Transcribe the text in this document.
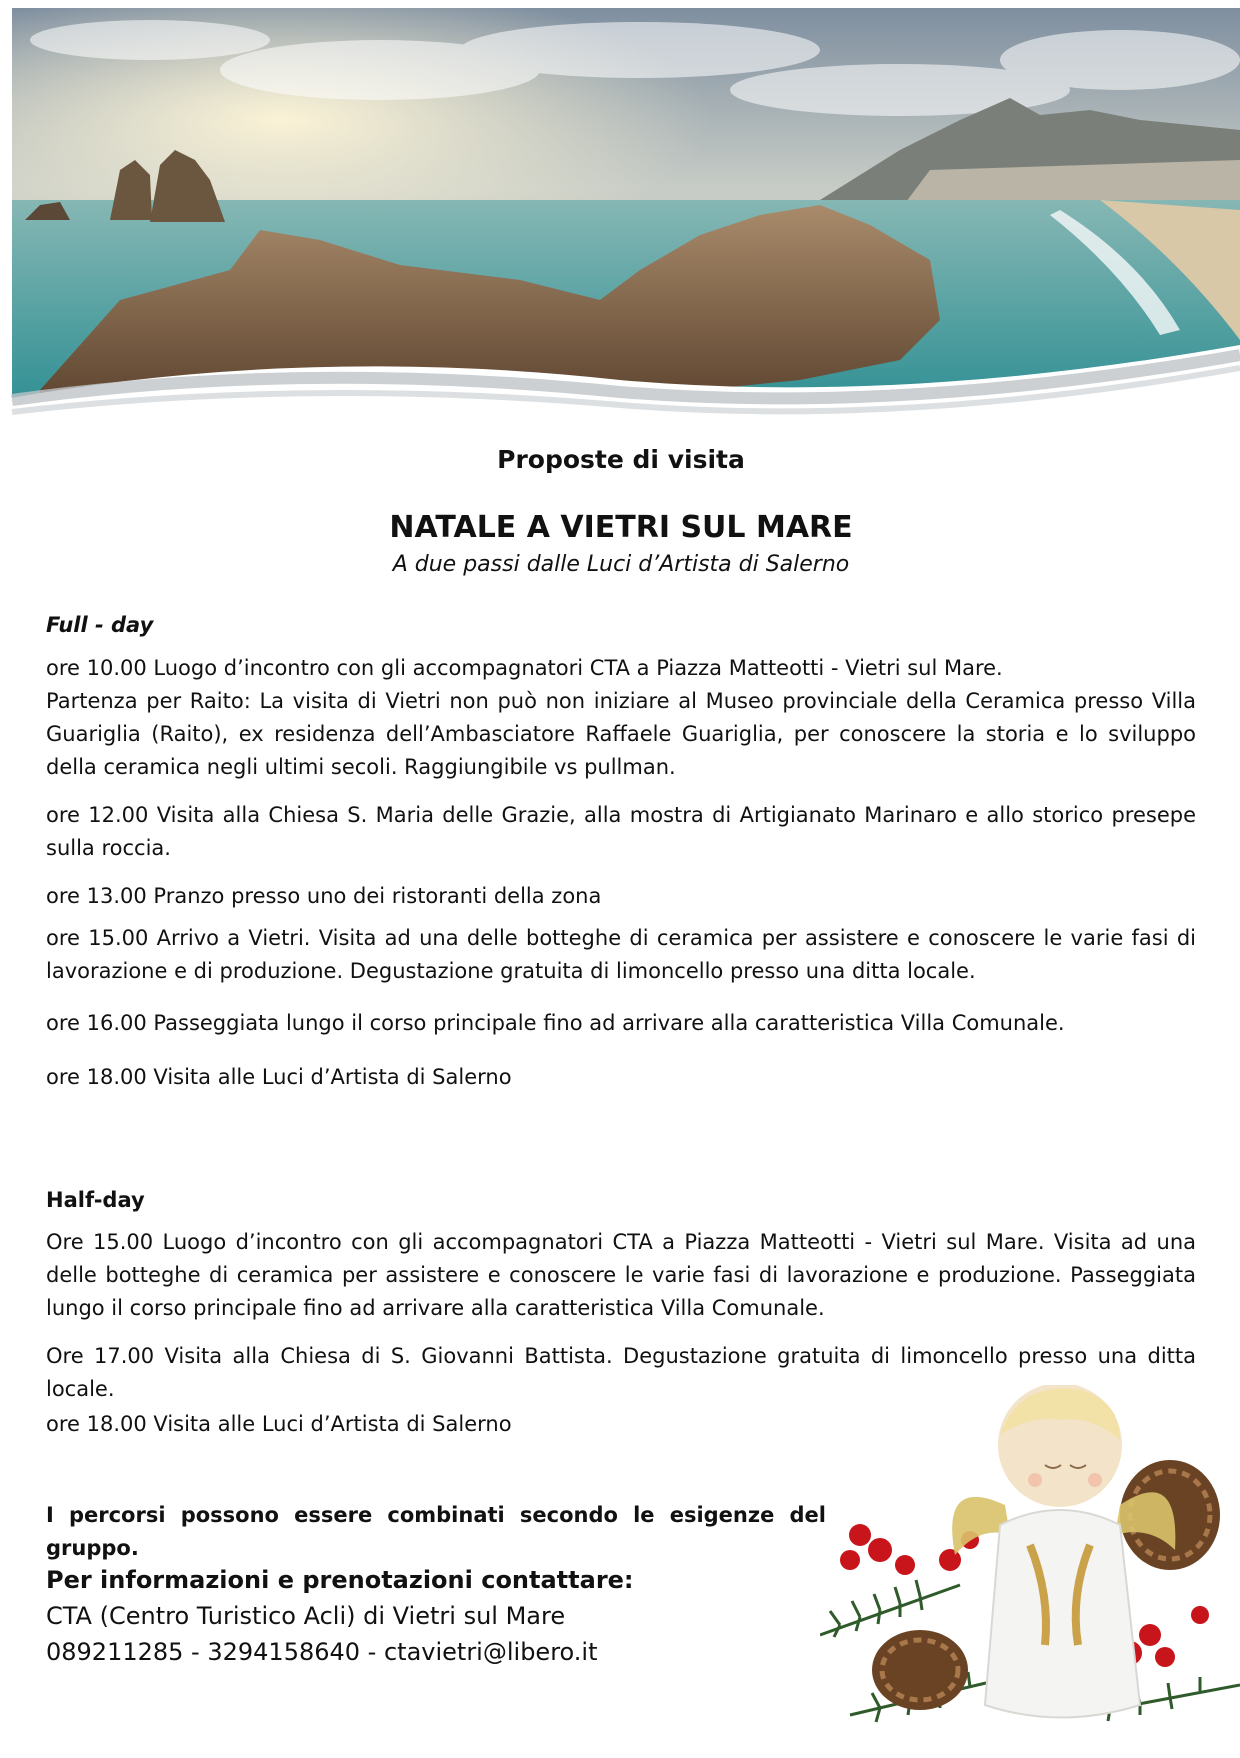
Proposte di visita
NATALE A VIETRI SUL MARE
A due passi dalle Luci d’Artista di Salerno
Full - day
ore 10.00 Luogo d’incontro con gli accompagnatori CTA a Piazza Matteotti - Vietri sul Mare.
Partenza per Raito: La visita di Vietri non può non iniziare al Museo provinciale della Ceramica presso Villa Guariglia (Raito), ex residenza dell’Ambasciatore Raffaele Guariglia, per conoscere la storia e lo sviluppo della ceramica negli ultimi secoli. Raggiungibile vs pullman.
ore 12.00 Visita alla Chiesa S. Maria delle Grazie, alla mostra di Artigianato Marinaro e allo storico presepe sulla roccia.
ore 13.00 Pranzo presso uno dei ristoranti della zona
ore 15.00 Arrivo a Vietri. Visita ad una delle botteghe di ceramica per assistere e conoscere le varie fasi di lavorazione e di produzione. Degustazione gratuita di limoncello presso una ditta locale.
ore 16.00 Passeggiata lungo il corso principale fino ad arrivare alla caratteristica Villa Comunale.
ore 18.00 Visita alle Luci d’Artista di Salerno
Half-day
Ore 15.00 Luogo d’incontro con gli accompagnatori CTA a Piazza Matteotti - Vietri sul Mare. Visita ad una delle botteghe di ceramica per assistere e conoscere le varie fasi di lavorazione e produzione. Passeggiata lungo il corso principale fino ad arrivare alla caratteristica Villa Comunale.
Ore 17.00 Visita alla Chiesa di S. Giovanni Battista. Degustazione gratuita di limoncello presso una ditta locale.
ore 18.00 Visita alle Luci d’Artista di Salerno
I percorsi possono essere combinati secondo le esigenze del gruppo.
Per informazioni e prenotazioni contattare:
CTA (Centro Turistico Acli) di Vietri sul Mare
089211285 - 3294158640 - ctavietri@libero.it
